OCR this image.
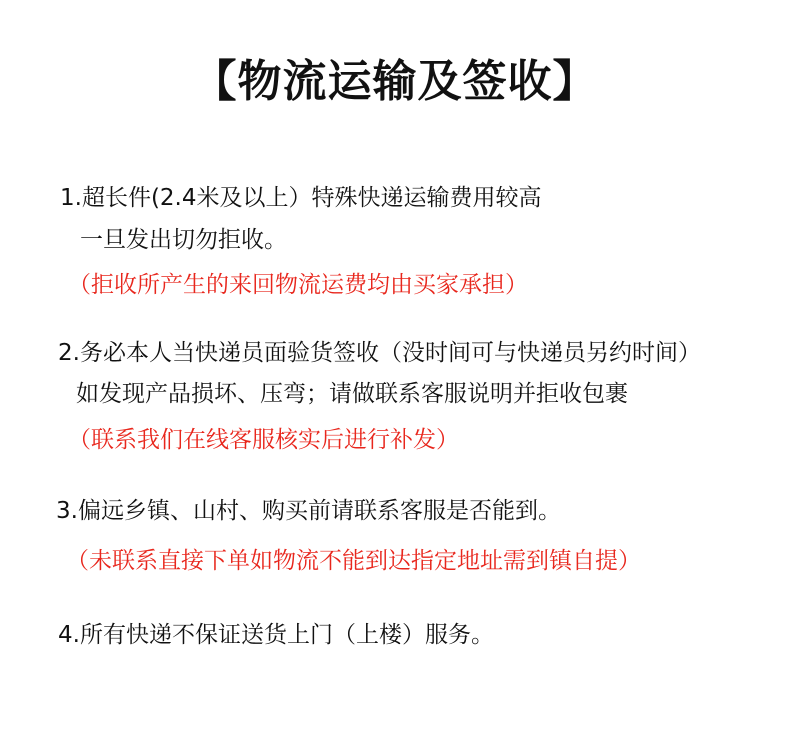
【物流运输及签收】
1.超长件(2.4米及以上）特殊快递运输费用较高
一旦发出切勿拒收。
（拒收所产生的来回物流运费均由买家承担）
2.务必本人当快递员面验货签收（没时间可与快递员另约时间）
如发现产品损坏、压弯；请做联系客服说明并拒收包裹
（联系我们在线客服核实后进行补发）
3.偏远乡镇、山村、购买前请联系客服是否能到。
（未联系直接下单如物流不能到达指定地址需到镇自提）
4.所有快递不保证送货上门（上楼）服务。
